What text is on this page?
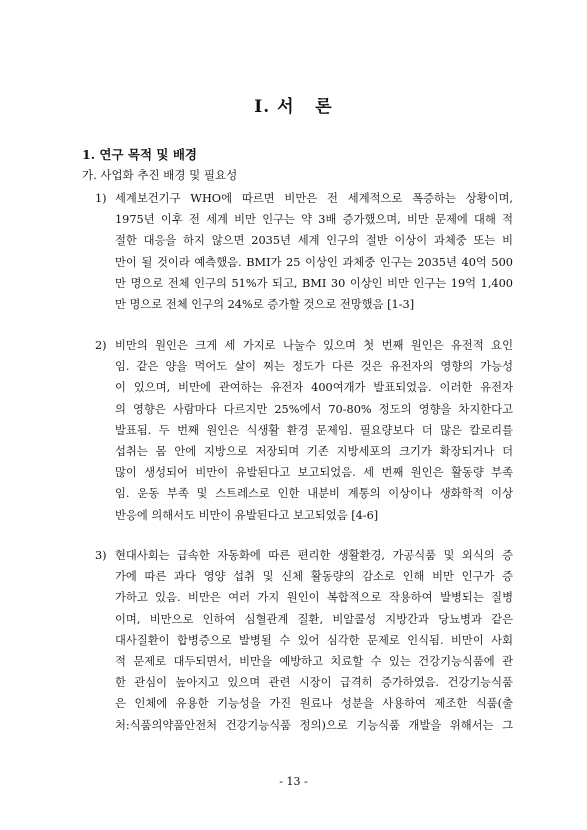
I. 서   론
1. 연구 목적 및 배경
가. 사업화 추진 배경 및 필요성
1) 세계보건기구 WHO에 따르면 비만은 전 세계적으로 폭증하는 상황이며,
1975년 이후 전 세계 비만 인구는 약 3배 증가했으며, 비만 문제에 대해 적
절한 대응을 하지 않으면 2035년 세계 인구의 절반 이상이 과체중 또는 비
만이 될 것이라 예측했음. BMI가 25 이상인 과체중 인구는 2035년 40억 500
만 명으로 전체 인구의 51%가 되고, BMI 30 이상인 비만 인구는 19억 1,400
만 명으로 전체 인구의 24%로 증가할 것으로 전망했음 [1-3]
2) 비만의 원인은 크게 세 가지로 나눌수 있으며 첫 번째 원인은 유전적 요인
임. 같은 양을 먹어도 살이 찌는 정도가 다른 것은 유전자의 영향의 가능성
이 있으며, 비만에 관여하는 유전자 400여개가 발표되었음. 이러한 유전자
의 영향은 사람마다 다르지만 25%에서 70-80% 정도의 영향을 차지한다고
발표됨. 두 번째 원인은 식생활 환경 문제임. 필요량보다 더 많은 칼로리를
섭취는 몸 안에 지방으로 저장되며 기존 지방세포의 크기가 확장되거나 더
많이 생성되어 비만이 유발된다고 보고되었음. 세 번째 원인은 활동량 부족
임. 운동 부족 및 스트레스로 인한 내분비 계통의 이상이나 생화학적 이상
반응에 의해서도 비만이 유발된다고 보고되었음 [4-6]
3) 현대사회는 급속한 자동화에 따른 편리한 생활환경, 가공식품 및 외식의 증
가에 따른 과다 영양 섭취 및 신체 활동량의 감소로 인해 비만 인구가 증
가하고 있음. 비만은 여러 가지 원인이 복합적으로 작용하여 발병되는 질병
이며, 비만으로 인하여 심혈관계 질환, 비알콜성 지방간과 당뇨병과 같은
대사질환이 합병증으로 발병될 수 있어 심각한 문제로 인식됨. 비만이 사회
적 문제로 대두되면서, 비만을 예방하고 치료할 수 있는 건강기능식품에 관
한 관심이 높아지고 있으며 관련 시장이 급격히 증가하였음. 건강기능식품
은 인체에 유용한 기능성을 가진 원료나 성분을 사용하여 제조한 식품(출
처:식품의약품안전처 건강기능식품 정의)으로 기능식품 개발을 위해서는 그
- 13 -
